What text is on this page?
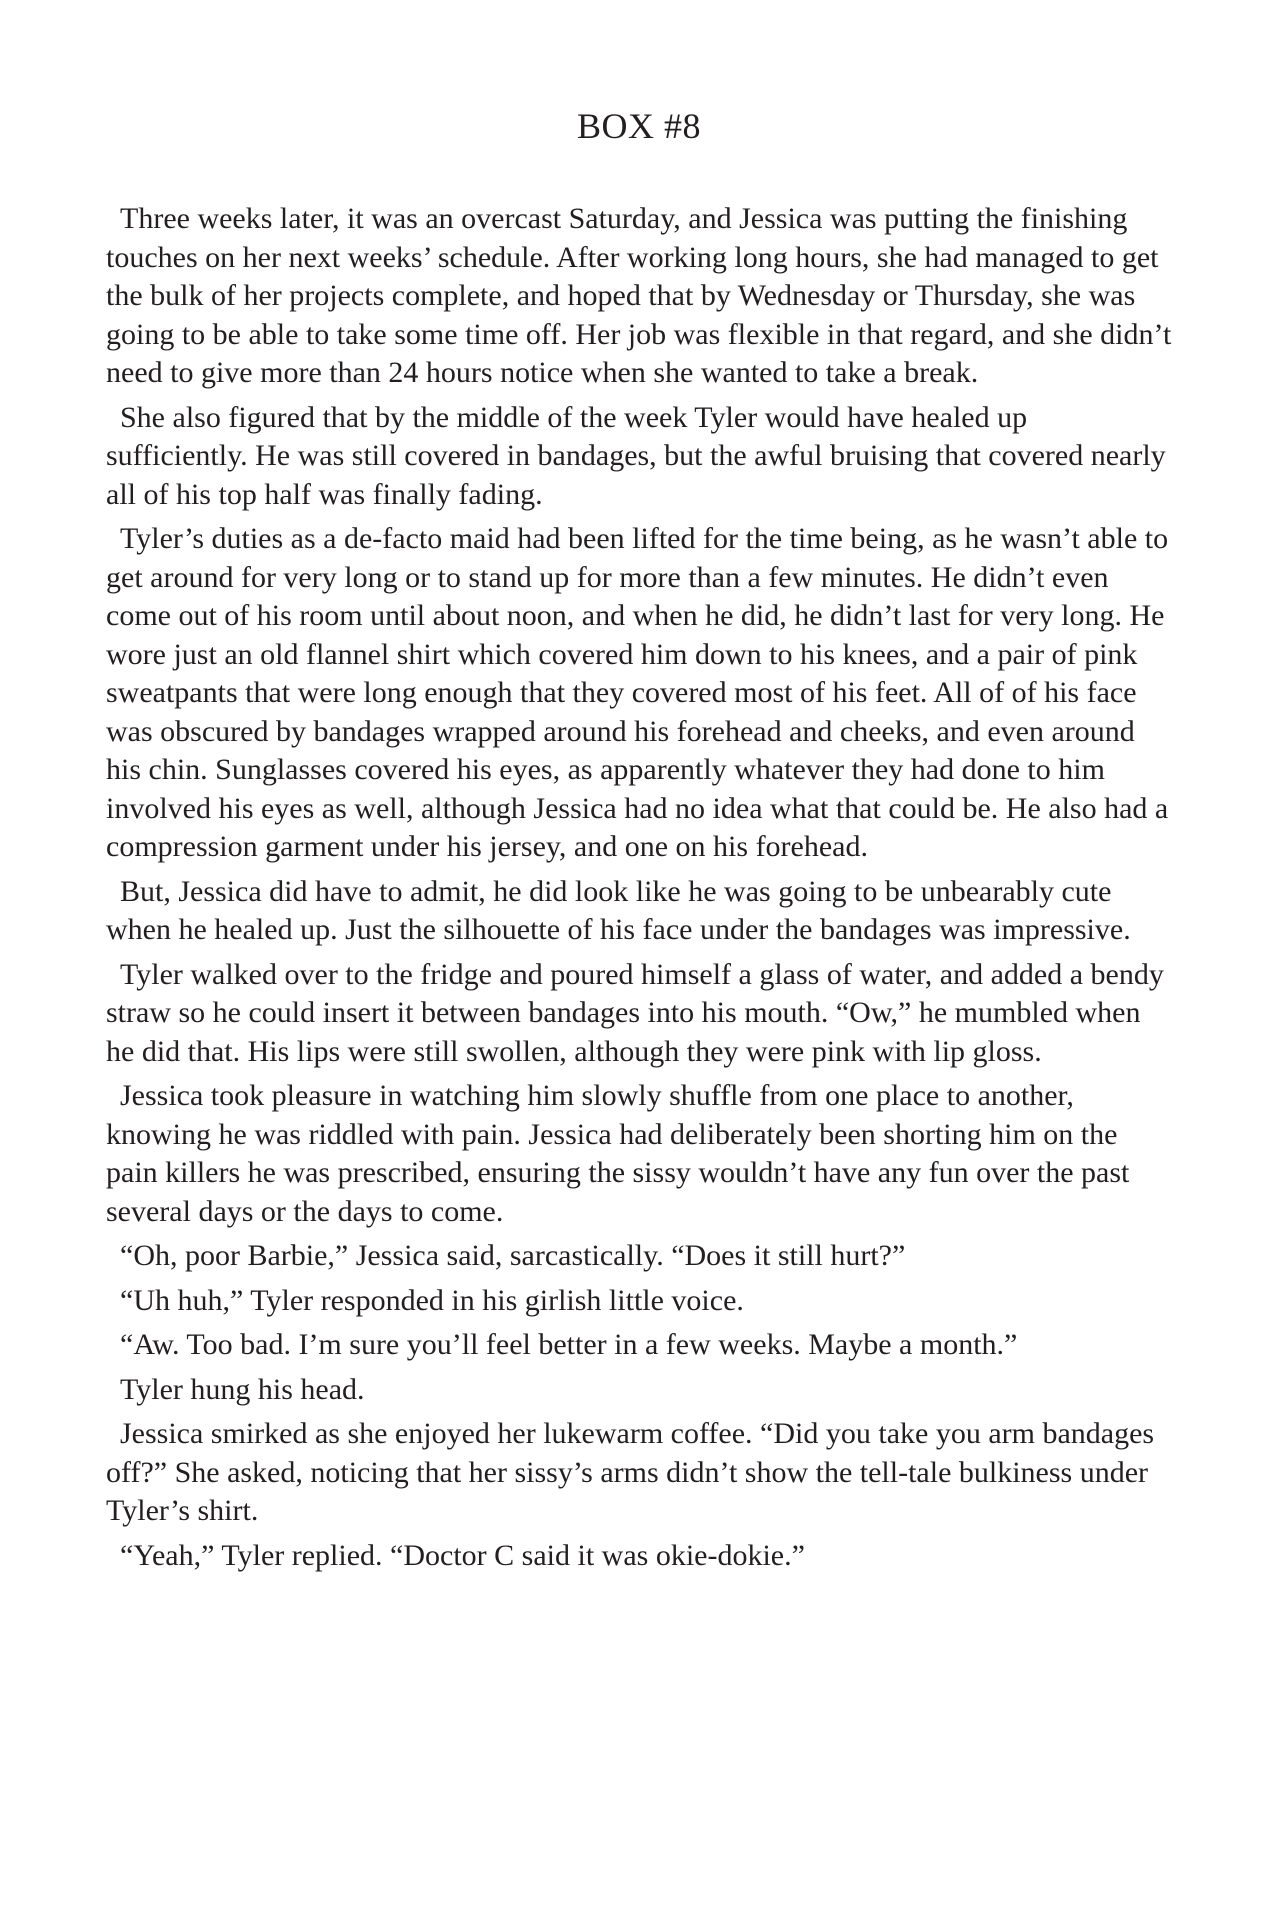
BOX #8

Three weeks later, it was an overcast Saturday, and Jessica was putting the finishing touches on her next weeks’ schedule. After working long hours, she had managed to get the bulk of her projects complete, and hoped that by Wednesday or Thursday, she was going to be able to take some time off. Her job was flexible in that regard, and she didn’t need to give more than 24 hours notice when she wanted to take a break.

She also figured that by the middle of the week Tyler would have healed up sufficiently. He was still covered in bandages, but the awful bruising that covered nearly all of his top half was finally fading.

Tyler’s duties as a de-facto maid had been lifted for the time being, as he wasn’t able to get around for very long or to stand up for more than a few minutes. He didn’t even come out of his room until about noon, and when he did, he didn’t last for very long. He wore just an old flannel shirt which covered him down to his knees, and a pair of pink sweatpants that were long enough that they covered most of his feet. All of of his face was obscured by bandages wrapped around his forehead and cheeks, and even around his chin. Sunglasses covered his eyes, as apparently whatever they had done to him involved his eyes as well, although Jessica had no idea what that could be. He also had a compression garment under his jersey, and one on his forehead.

But, Jessica did have to admit, he did look like he was going to be unbearably cute when he healed up. Just the silhouette of his face under the bandages was impressive.

Tyler walked over to the fridge and poured himself a glass of water, and added a bendy straw so he could insert it between bandages into his mouth. “Ow,” he mumbled when he did that. His lips were still swollen, although they were pink with lip gloss.

Jessica took pleasure in watching him slowly shuffle from one place to another, knowing he was riddled with pain. Jessica had deliberately been shorting him on the pain killers he was prescribed, ensuring the sissy wouldn’t have any fun over the past several days or the days to come.

“Oh, poor Barbie,” Jessica said, sarcastically. “Does it still hurt?”

“Uh huh,” Tyler responded in his girlish little voice.

“Aw. Too bad. I’m sure you’ll feel better in a few weeks. Maybe a month.”

Tyler hung his head.

Jessica smirked as she enjoyed her lukewarm coffee. “Did you take you arm bandages off?” She asked, noticing that her sissy’s arms didn’t show the tell-tale bulkiness under Tyler’s shirt.

“Yeah,” Tyler replied. “Doctor C said it was okie-dokie.”
